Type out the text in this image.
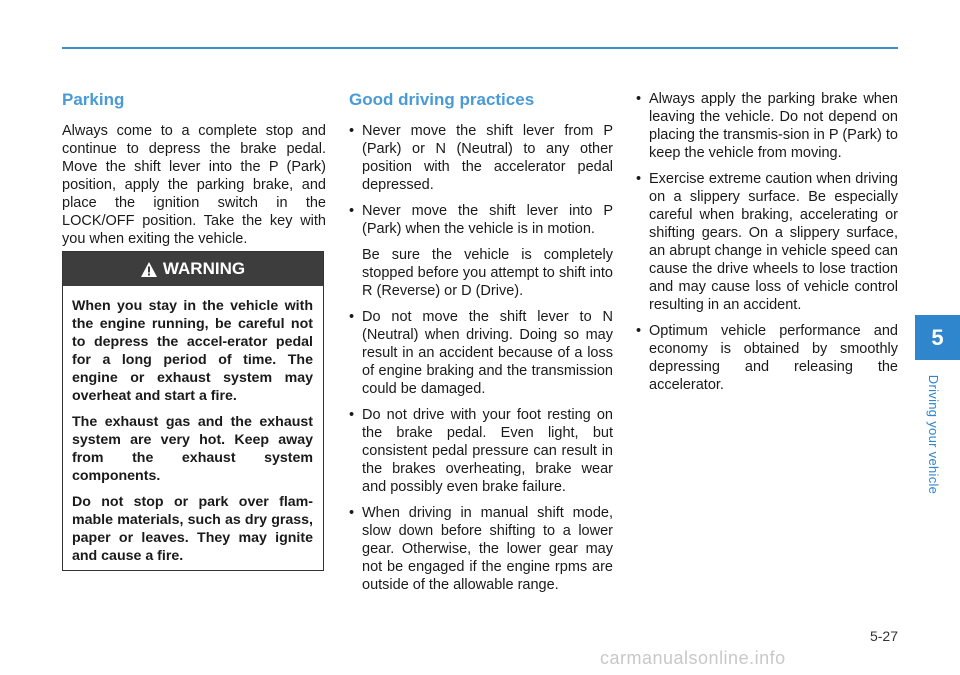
Parking

Always come to a complete stop and continue to depress the brake pedal. Move the shift lever into the P (Park) position, apply the parking brake, and place the ignition switch in the LOCK/OFF position. Take the key with you when exiting the vehicle.

WARNING

When you stay in the vehicle with the engine running, be careful not to depress the accel-erator pedal for a long period of time. The engine or exhaust system may overheat and start a fire.

The exhaust gas and the exhaust system are very hot. Keep away from the exhaust system components.

Do not stop or park over flam-mable materials, such as dry grass, paper or leaves. They may ignite and cause a fire.

Good driving practices
• Never move the shift lever from P (Park) or N (Neutral) to any other position with the accelerator pedal depressed.
• Never move the shift lever into P (Park) when the vehicle is in motion.
Be sure the vehicle is completely stopped before you attempt to shift into R (Reverse) or D (Drive).
• Do not move the shift lever to N (Neutral) when driving. Doing so may result in an accident because of a loss of engine braking and the transmission could be damaged.
• Do not drive with your foot resting on the brake pedal. Even light, but consistent pedal pressure can result in the brakes overheating, brake wear and possibly even brake failure.
• When driving in manual shift mode, slow down before shifting to a lower gear. Otherwise, the lower gear may not be engaged if the engine rpms are outside of the allowable range.
• Always apply the parking brake when leaving the vehicle. Do not depend on placing the transmis-sion in P (Park) to keep the vehicle from moving.
• Exercise extreme caution when driving on a slippery surface. Be especially careful when braking, accelerating or shifting gears. On a slippery surface, an abrupt change in vehicle speed can cause the drive wheels to lose traction and may cause loss of vehicle control resulting in an accident.
• Optimum vehicle performance and economy is obtained by smoothly depressing and releasing the accelerator.
5
Driving your vehicle
5-27
carmanualsonline.info
